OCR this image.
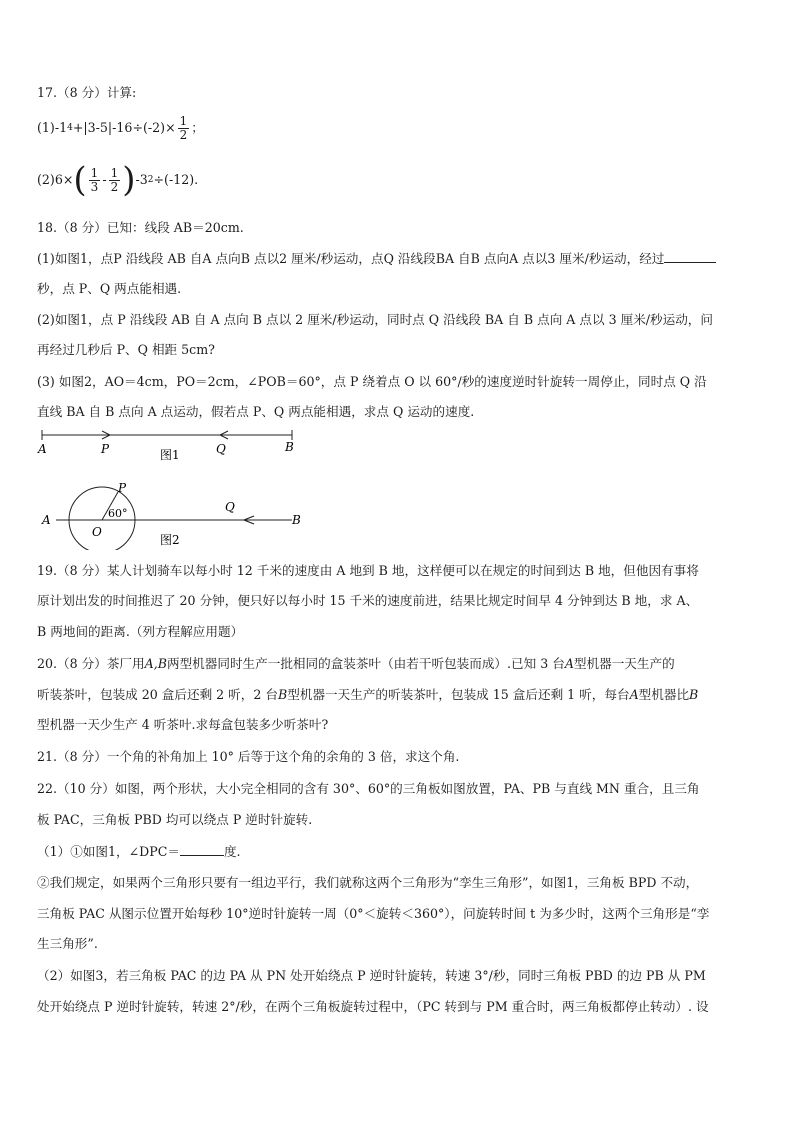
17.（8 分）计算:
(1)-1 $4 +|3-5|-16\div(-2)\times \frac{1}{2}$ ；
(2)6× ( $\frac{1}{3} - \frac{1}{2}$ ) -3 2 ÷(-12).
18.（8 分）已知：线段 AB＝20cm.
(1)如图1，点P 沿线段 AB 自A 点向B 点以2 厘米/秒运动，点Q 沿线段BA 自B 点向A 点以3 厘米/秒运动，经过
秒，点 P、Q 两点能相遇.
(2)如图1，点 P 沿线段 AB 自 A 点向 B 点以 2 厘米/秒运动，同时点 Q 沿线段 BA 自 B 点向 A 点以 3 厘米/秒运动，问
再经过几秒后 P、Q 相距 5cm?
(3) 如图2，AO＝4cm，PO＝2cm，∠POB＝60°，点 P 绕着点 O 以 60°/秒的速度逆时针旋转一周停止，同时点 Q 沿
直线 BA 自 B 点向 A 点运动，假若点 P、Q 两点能相遇，求点 Q 运动的速度.
A	P	Q	B
图1
A
O
P
60°	Q
B
图2
19.（8 分）某人计划骑车以每小时 12 千米的速度由 A 地到 B 地，这样便可以在规定的时间到达 B 地，但他因有事将
原计划出发的时间推迟了 20 分钟，便只好以每小时 15 千米的速度前进，结果比规定时间早 4 分钟到达 B 地，求 A、
B 两地间的距离.（列方程解应用题）
20.（8 分）茶厂用A,B两型机器同时生产一批相同的盒装茶叶（由若干听包装而成）.已知 3 台A型机器一天生产的
听装茶叶，包装成 20 盒后还剩 2 听，2 台B型机器一天生产的听装茶叶，包装成 15 盒后还剩 1 听，每台A型机器比B
型机器一天少生产 4 听茶叶.求每盒包装多少听茶叶?
21.（8 分）一个角的补角加上 10° 后等于这个角的余角的 3 倍，求这个角.
22.（10 分）如图，两个形状，大小完全相同的含有 30°、60°的三角板如图放置，PA、PB 与直线 MN 重合，且三角
板 PAC，三角板 PBD 均可以绕点 P 逆时针旋转.
（1）①如图1，∠DPC＝	度.
②我们规定，如果两个三角形只要有一组边平行，我们就称这两个三角形为“孪生三角形”，如图1，三角板 BPD 不动，
三角板 PAC 从图示位置开始每秒 10°逆时针旋转一周（0°＜旋转＜360°），问旋转时间 t 为多少时，这两个三角形是“孪
生三角形”.
（2）如图3，若三角板 PAC 的边 PA 从 PN 处开始绕点 P 逆时针旋转，转速 3°/秒，同时三角板 PBD 的边 PB 从 PM
处开始绕点 P 逆时针旋转，转速 2°/秒，在两个三角板旋转过程中，（PC 转到与 PM 重合时，两三角板都停止转动）. 设
